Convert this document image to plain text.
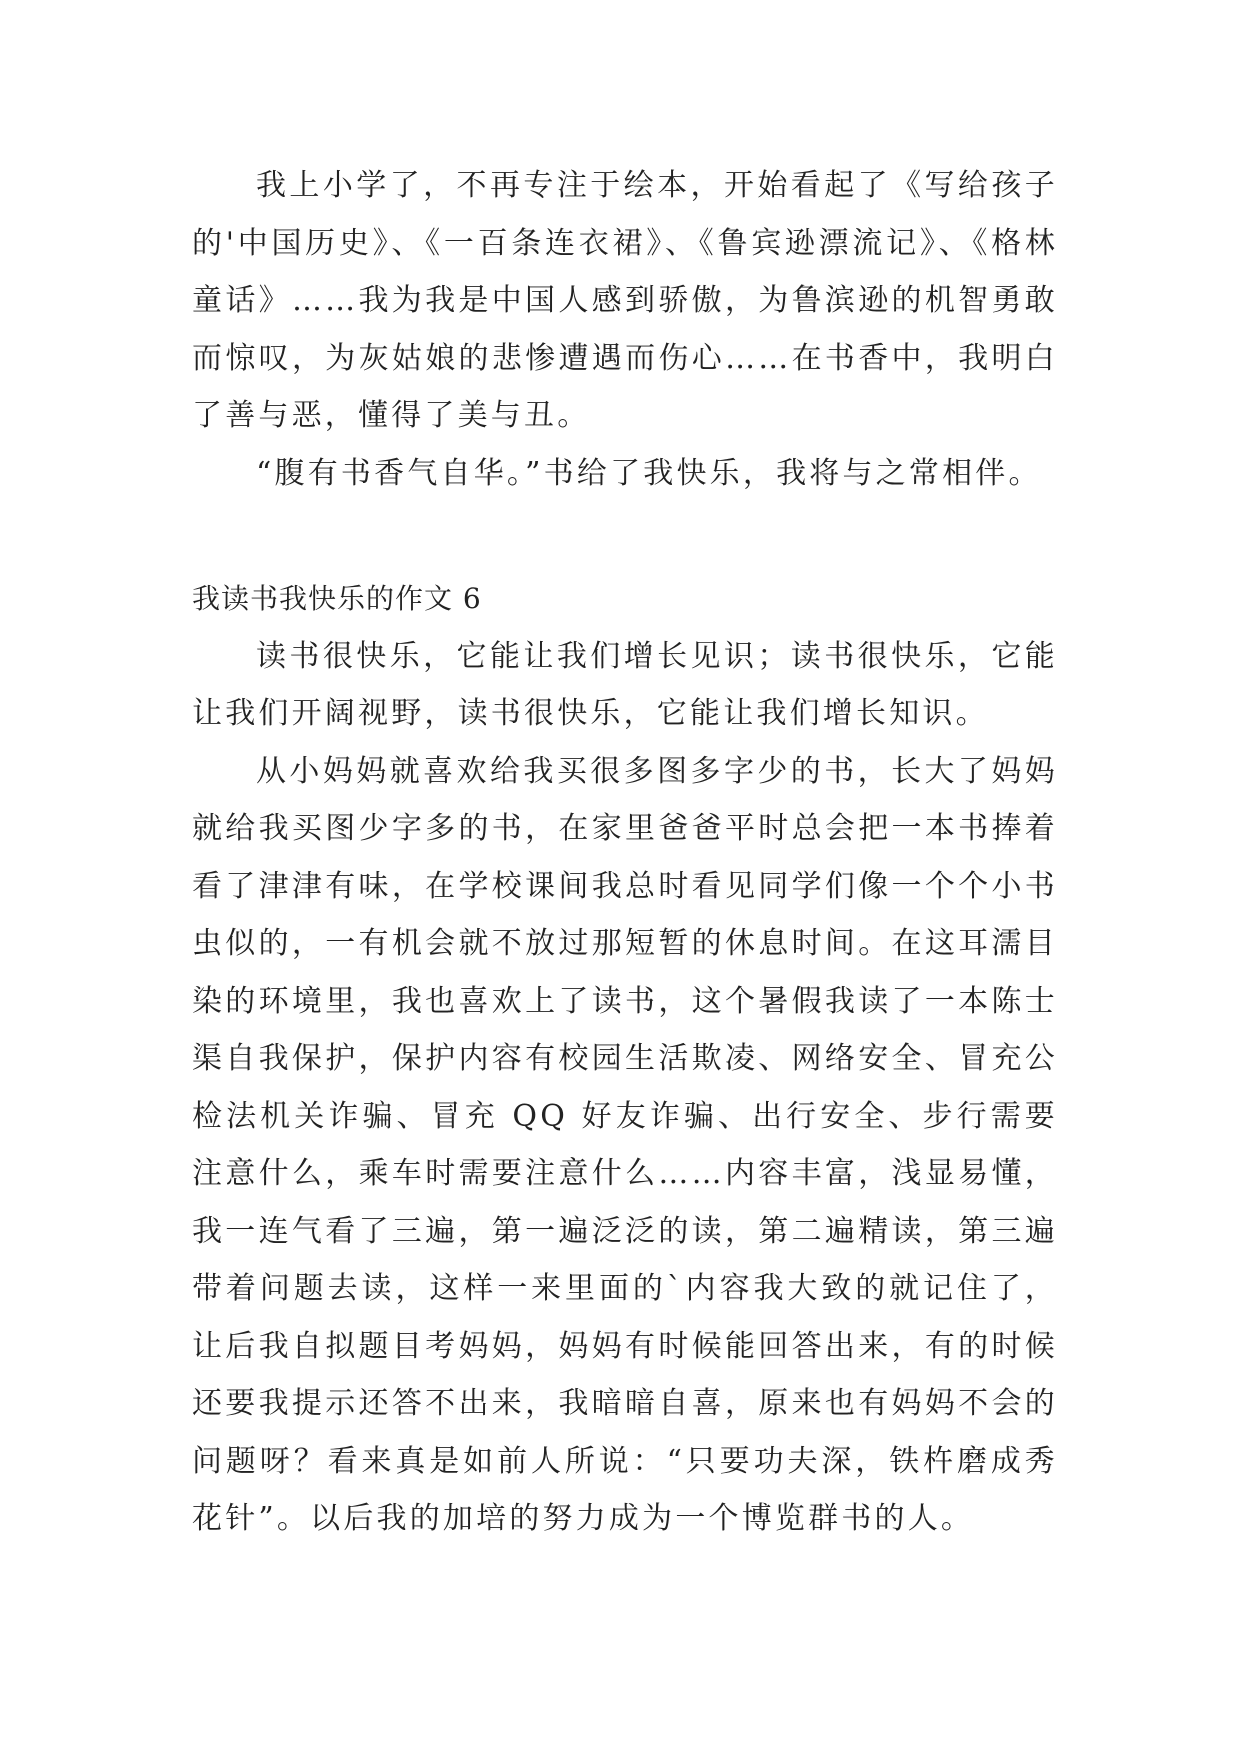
我上小学了，不再专注于绘本，开始看起了《写给孩子的'中国历史》、《一百条连衣裙》、《鲁宾逊漂流记》、《格林童话》……我为我是中国人感到骄傲，为鲁滨逊的机智勇敢而惊叹，为灰姑娘的悲惨遭遇而伤心……在书香中，我明白了善与恶，懂得了美与丑。

“腹有书香气自华。”书给了我快乐，我将与之常相伴。

我读书我快乐的作文 6

读书很快乐，它能让我们增长见识；读书很快乐，它能让我们开阔视野，读书很快乐，它能让我们增长知识。

从小妈妈就喜欢给我买很多图多字少的书，长大了妈妈就给我买图少字多的书，在家里爸爸平时总会把一本书捧着看了津津有味，在学校课间我总时看见同学们像一个个小书虫似的，一有机会就不放过那短暂的休息时间。在这耳濡目染的环境里，我也喜欢上了读书，这个暑假我读了一本陈士渠自我保护，保护内容有校园生活欺凌、网络安全、冒充公检法机关诈骗、冒充 QQ 好友诈骗、出行安全、步行需要注意什么，乘车时需要注意什么……内容丰富，浅显易懂，我一连气看了三遍，第一遍泛泛的读，第二遍精读，第三遍带着问题去读，这样一来里面的`内容我大致的就记住了，让后我自拟题目考妈妈，妈妈有时候能回答出来，有的时候还要我提示还答不出来，我暗暗自喜，原来也有妈妈不会的问题呀？看来真是如前人所说：“只要功夫深，铁杵磨成秀花针”。以后我的加培的努力成为一个博览群书的人。
